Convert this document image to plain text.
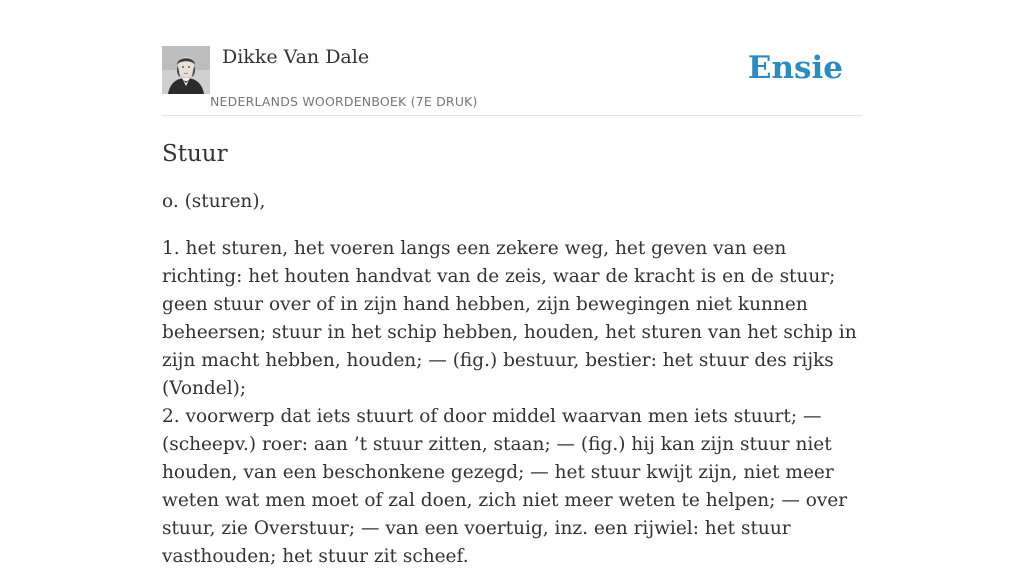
Dikke Van Dale
NEDERLANDS WOORDENBOEK (7E DRUK)
Ensie
Stuur
o. (sturen),

1. het sturen, het voeren langs een zekere weg, het geven van een richting: het houten handvat van de zeis, waar de kracht is en de stuur; geen stuur over of in zijn hand hebben, zijn bewegingen niet kunnen beheersen; stuur in het schip hebben, houden, het sturen van het schip in zijn macht hebben, houden; — (fig.) bestuur, bestier: het stuur des rijks (Vondel);

2. voorwerp dat iets stuurt of door middel waarvan men iets stuurt; — (scheepv.) roer: aan ’t stuur zitten, staan; — (fig.) hij kan zijn stuur niet houden, van een beschonkene gezegd; — het stuur kwijt zijn, niet meer weten wat men moet of zal doen, zich niet meer weten te helpen; — over stuur, zie Overstuur; — van een voertuig, inz. een rijwiel: het stuur vasthouden; het stuur zit scheef.
